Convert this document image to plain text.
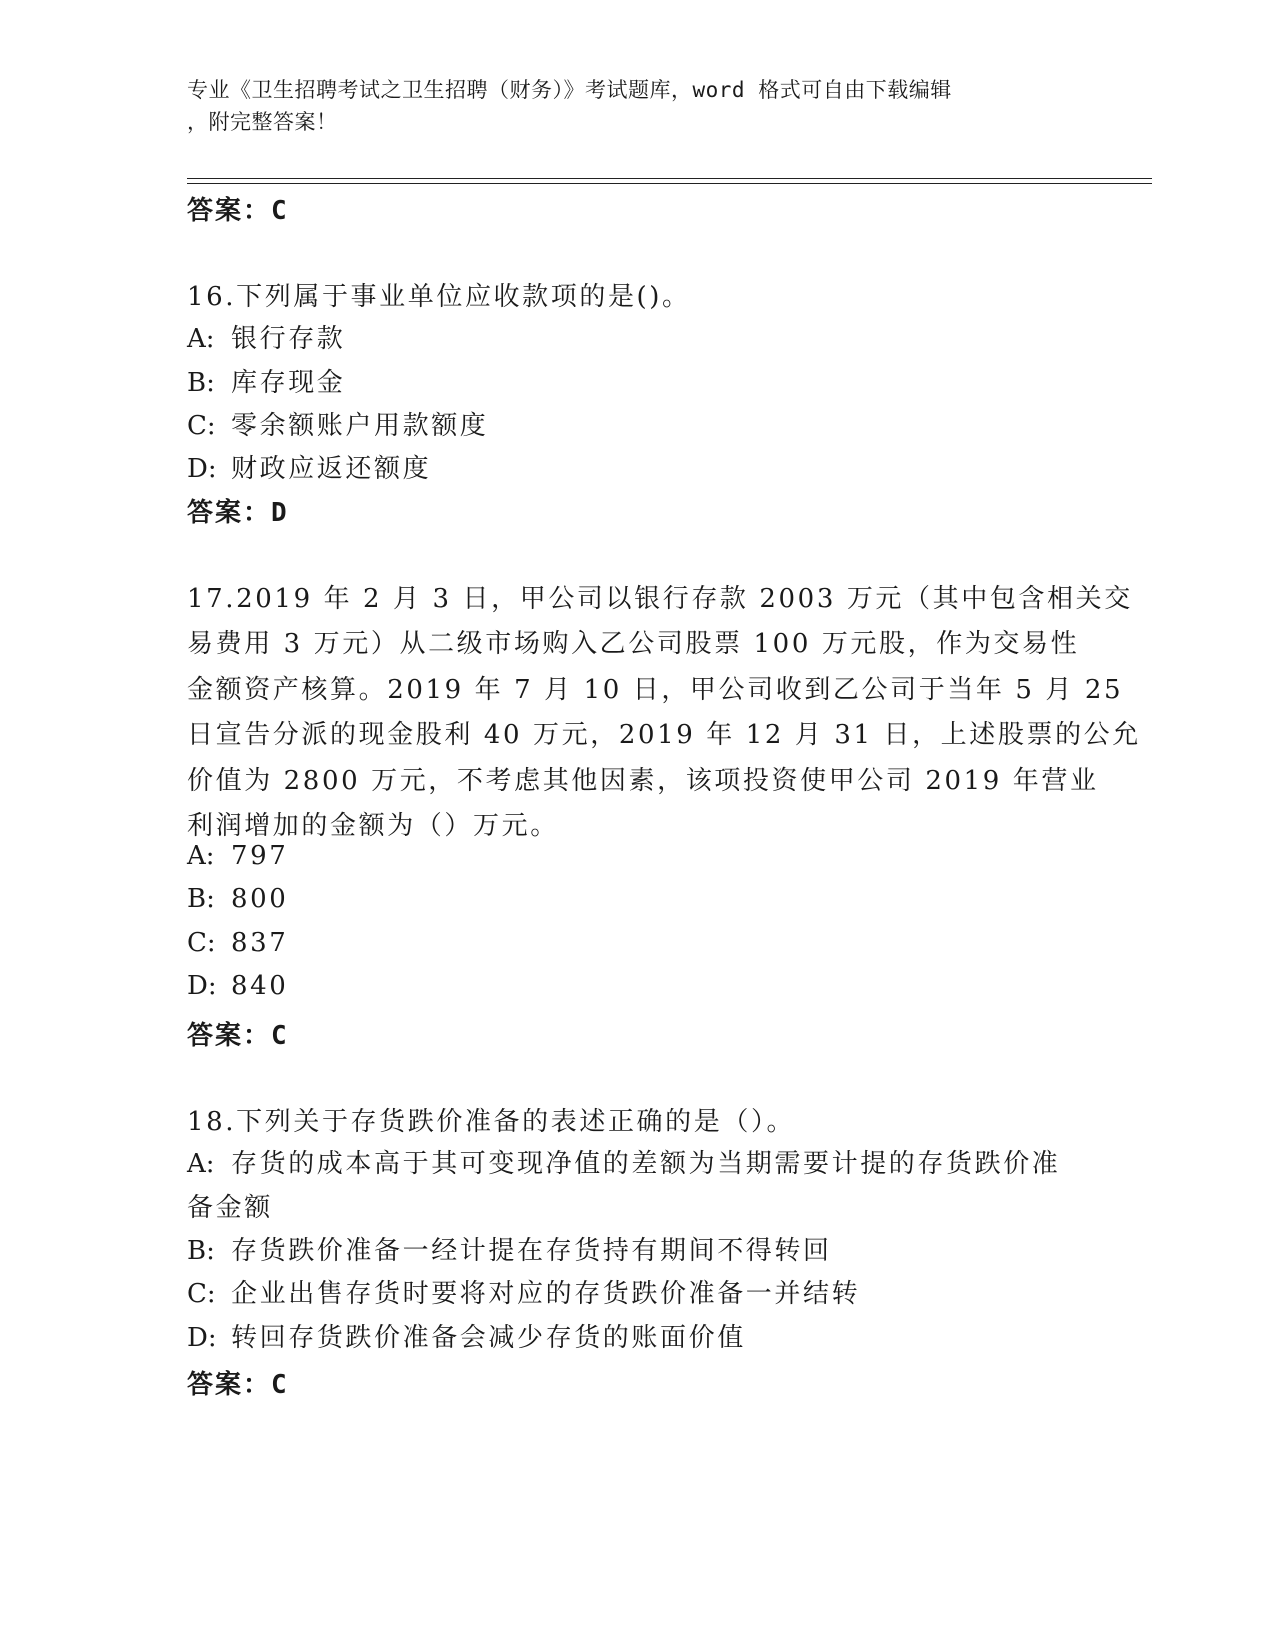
专业《卫生招聘考试之卫生招聘（财务）》考试题库，word 格式可自由下载编辑
，附完整答案！
答案：C
16.下列属于事业单位应收款项的是()。
A: 银行存款
B: 库存现金
C: 零余额账户用款额度
D: 财政应返还额度
答案：D
17.2019 年 2 月 3 日，甲公司以银行存款 2003 万元（其中包含相关交
易费用 3 万元）从二级市场购入乙公司股票 100 万元股，作为交易性
金额资产核算。2019 年 7 月 10 日，甲公司收到乙公司于当年 5 月 25
日宣告分派的现金股利 40 万元，2019 年 12 月 31 日，上述股票的公允
价值为 2800 万元，不考虑其他因素，该项投资使甲公司 2019 年营业
利润增加的金额为（）万元。
A: 797
B: 800
C: 837
D: 840
答案：C
18.下列关于存货跌价准备的表述正确的是（）。
A: 存货的成本高于其可变现净值的差额为当期需要计提的存货跌价准
备金额
B: 存货跌价准备一经计提在存货持有期间不得转回
C: 企业出售存货时要将对应的存货跌价准备一并结转
D: 转回存货跌价准备会减少存货的账面价值
答案：C
